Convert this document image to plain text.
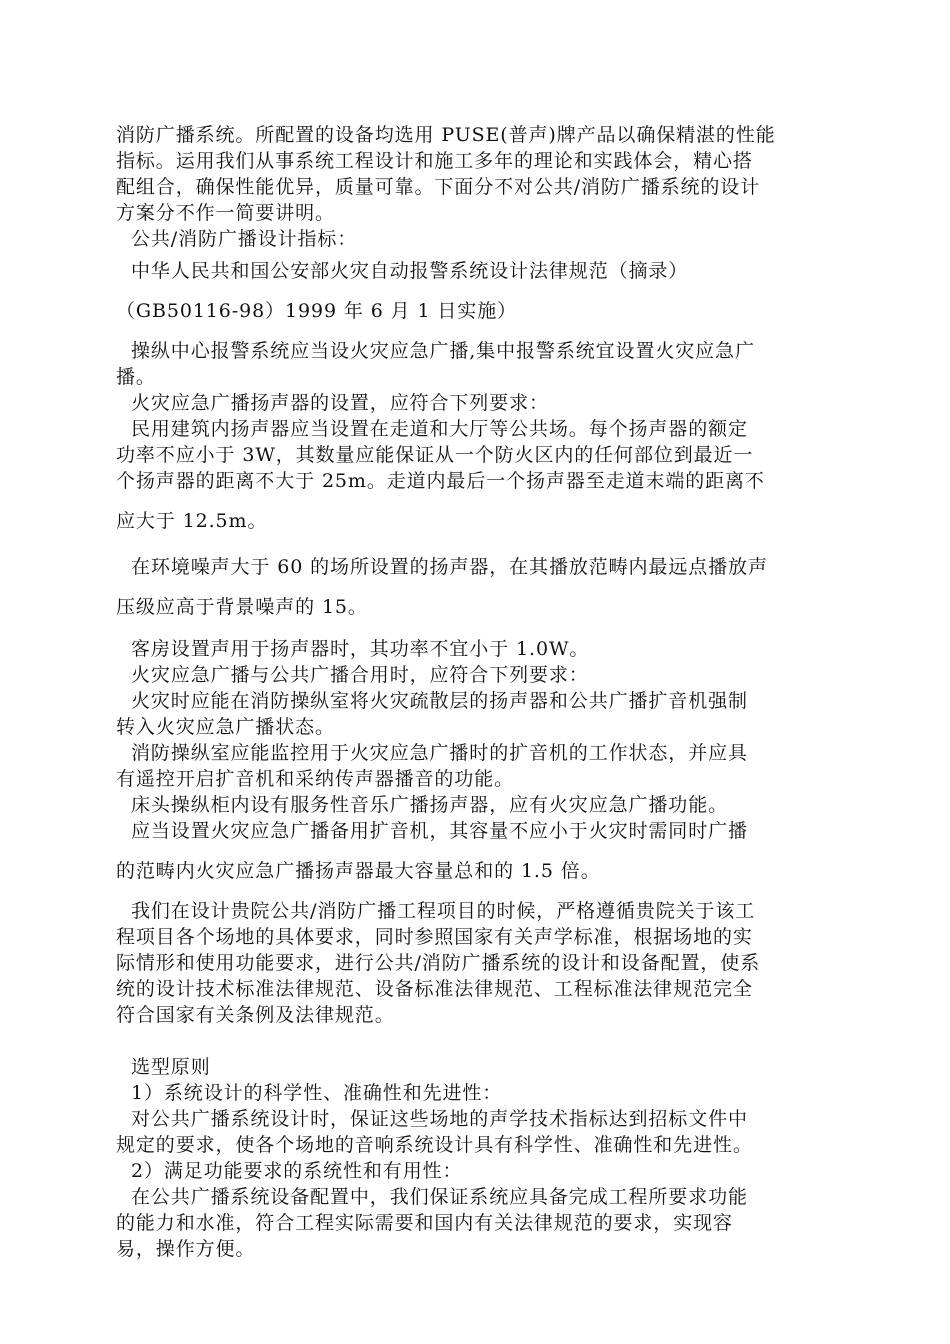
消防广播系统。所配置的设备均选用 PUSE(普声)牌产品以确保精湛的性能

指标。运用我们从事系统工程设计和施工多年的理论和实践体会，精心搭

配组合，确保性能优异，质量可靠。下面分不对公共/消防广播系统的设计

方案分不作一简要讲明。

公共/消防广播设计指标：

中华人民共和国公安部火灾自动报警系统设计法律规范（摘录）

（GB50116-98）1999 年 6 月 1 日实施）

操纵中心报警系统应当设火灾应急广播,集中报警系统宜设置火灾应急广

播。

火灾应急广播扬声器的设置，应符合下列要求：

民用建筑内扬声器应当设置在走道和大厅等公共场。每个扬声器的额定

功率不应小于 3W，其数量应能保证从一个防火区内的任何部位到最近一

个扬声器的距离不大于 25m。走道内最后一个扬声器至走道末端的距离不

应大于 12.5m。

在环境噪声大于 60 的场所设置的扬声器，在其播放范畴内最远点播放声

压级应高于背景噪声的 15。

客房设置声用于扬声器时，其功率不宜小于 1.0W。

火灾应急广播与公共广播合用时，应符合下列要求：

火灾时应能在消防操纵室将火灾疏散层的扬声器和公共广播扩音机强制

转入火灾应急广播状态。

消防操纵室应能监控用于火灾应急广播时的扩音机的工作状态，并应具

有遥控开启扩音机和采纳传声器播音的功能。

床头操纵柜内设有服务性音乐广播扬声器，应有火灾应急广播功能。

应当设置火灾应急广播备用扩音机，其容量不应小于火灾时需同时广播

的范畴内火灾应急广播扬声器最大容量总和的 1.5 倍。

我们在设计贵院公共/消防广播工程项目的时候，严格遵循贵院关于该工

程项目各个场地的具体要求，同时参照国家有关声学标准，根据场地的实

际情形和使用功能要求，进行公共/消防广播系统的设计和设备配置，使系

统的设计技术标准法律规范、设备标准法律规范、工程标准法律规范完全

符合国家有关条例及法律规范。

选型原则

1）系统设计的科学性、准确性和先进性：

对公共广播系统设计时，保证这些场地的声学技术指标达到招标文件中

规定的要求，使各个场地的音响系统设计具有科学性、准确性和先进性。

2）满足功能要求的系统性和有用性：

在公共广播系统设备配置中，我们保证系统应具备完成工程所要求功能

的能力和水准，符合工程实际需要和国内有关法律规范的要求，实现容

易，操作方便。
